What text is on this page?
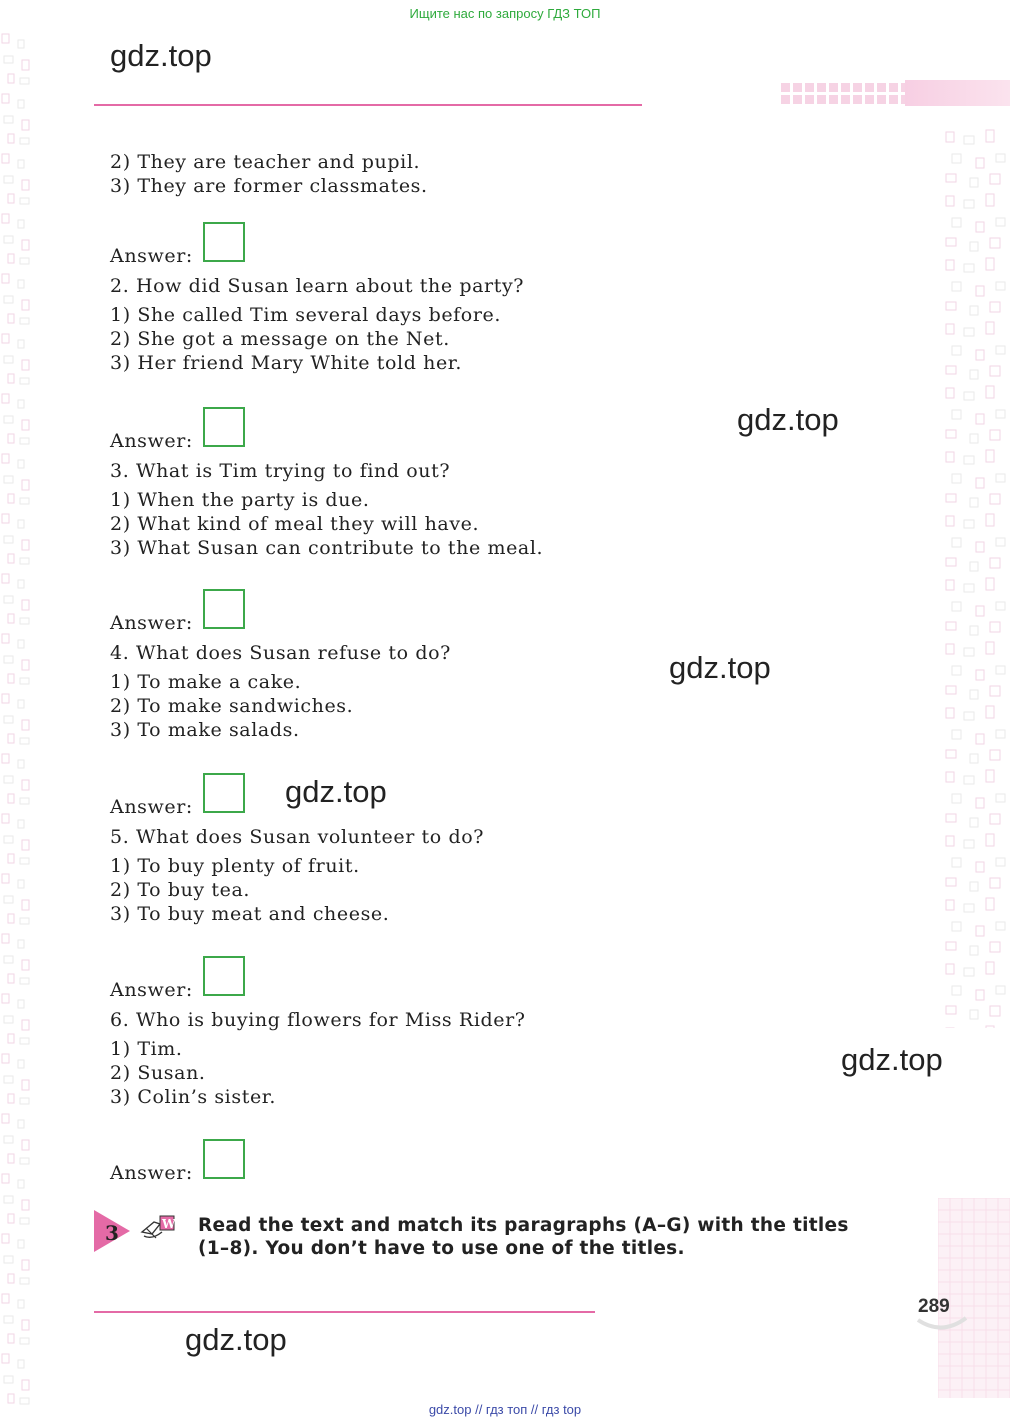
Ищите нас по запросу ГДЗ ТОП
gdz.top
2) They are teacher and pupil.
3) They are former classmates.
Answer:
2. How did Susan learn about the party?
1) She called Tim several days before.
2) She got a message on the Net.
3) Her friend Mary White told her.
Answer:
3. What is Tim trying to find out?
1) When the party is due.
2) What kind of meal they will have.
3) What Susan can contribute to the meal.
Answer:
4. What does Susan refuse to do?
1) To make a cake.
2) To make sandwiches.
3) To make salads.
Answer:
5. What does Susan volunteer to do?
1) To buy plenty of fruit.
2) To buy tea.
3) To buy meat and cheese.
Answer:
6. Who is buying flowers for Miss Rider?
1) Tim.
2) Susan.
3) Colin’s sister.
Answer:
gdz.top
gdz.top
gdz.top
gdz.top
gdz.top
3	W Read the text and match its paragraphs (A–G) with the titles
(1–8). You don’t have to use one of the titles.
289
gdz.top // гдз топ // гдз top
